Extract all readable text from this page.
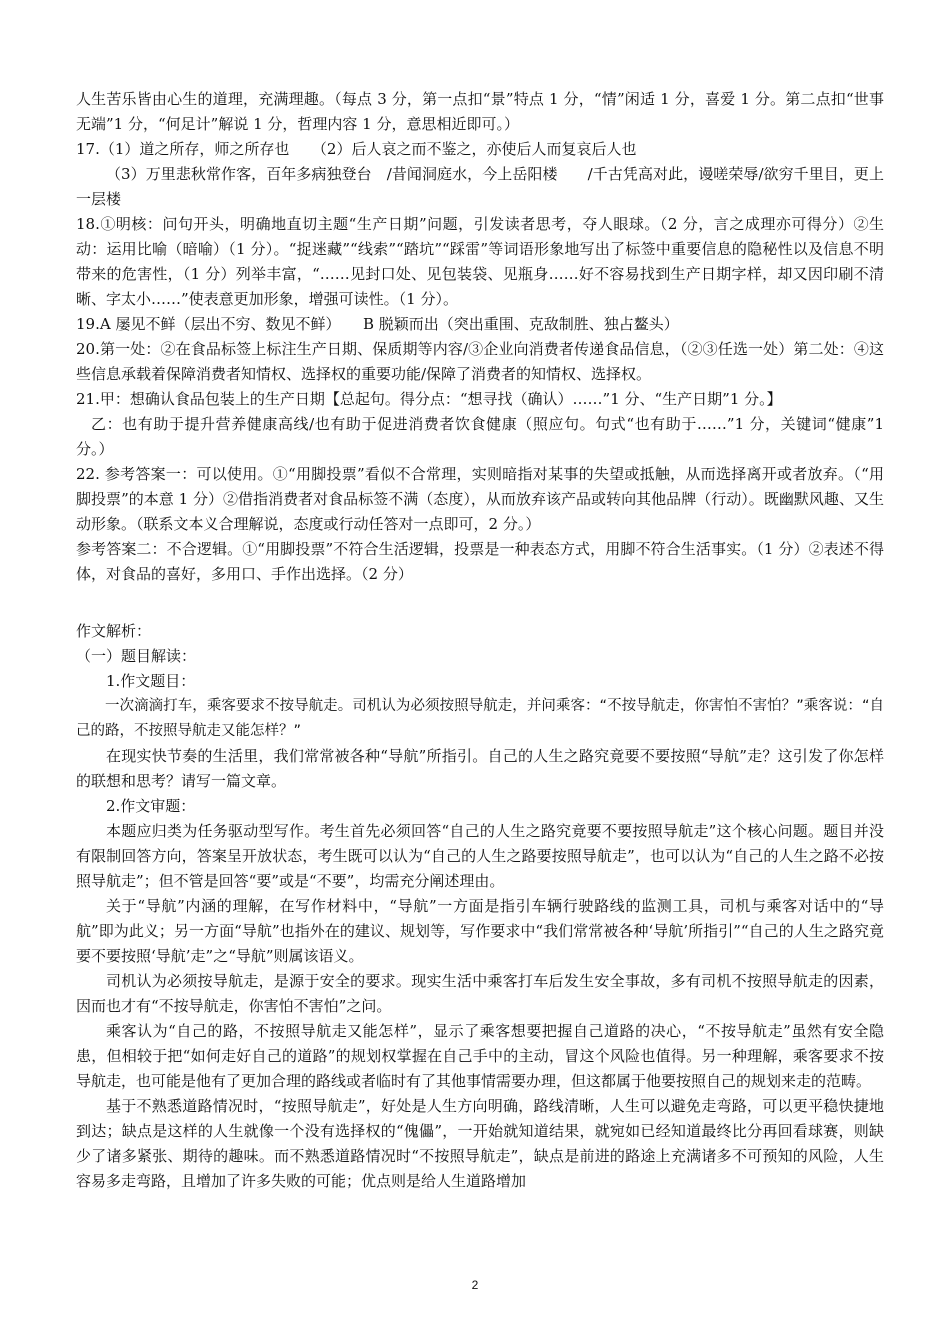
人生苦乐皆由心生的道理，充满理趣。（每点 3 分，第一点扣“景”特点 1 分，“情”闲适 1 分，喜爱 1 分。第二点扣“世事无端”1 分，“何足计”解说 1 分，哲理内容 1 分，意思相近即可。）

17.（1）道之所存，师之所存也　　（2）后人哀之而不鉴之，亦使后人而复哀后人也

（3）万里悲秋常作客，百年多病独登台　/昔闻洞庭水，今上岳阳楼　　/千古凭高对此，谩嗟荣辱/欲穷千里目，更上一层楼

18.①明核：问句开头，明确地直切主题“生产日期”问题，引发读者思考，夺人眼球。（2 分，言之成理亦可得分）②生动：运用比喻（暗喻）（1 分）。“捉迷藏”“线索”“踏坑”“踩雷”等词语形象地写出了标签中重要信息的隐秘性以及信息不明带来的危害性，（1 分）列举丰富，“……见封口处、见包装袋、见瓶身……好不容易找到生产日期字样，却又因印刷不清晰、字太小……”使表意更加形象，增强可读性。（1 分）。

19.A 屡见不鲜（层出不穷、数见不鲜）　　B 脱颖而出（突出重围、克敌制胜、独占鳌头）

20.第一处：②在食品标签上标注生产日期、保质期等内容/③企业向消费者传递食品信息，（②③任选一处）第二处：④这些信息承载着保障消费者知情权、选择权的重要功能/保障了消费者的知情权、选择权。

21.甲：想确认食品包装上的生产日期【总起句。得分点：“想寻找（确认）……”1 分、“生产日期”1 分。】

乙：也有助于提升营养健康高线/也有助于促进消费者饮食健康（照应句。句式“也有助于……”1 分，关键词“健康”1 分。）

22. 参考答案一：可以使用。①“用脚投票”看似不合常理，实则暗指对某事的失望或抵触，从而选择离开或者放弃。（“用脚投票”的本意 1 分）②借指消费者对食品标签不满（态度），从而放弃该产品或转向其他品牌（行动）。既幽默风趣、又生动形象。（联系文本义合理解说，态度或行动任答对一点即可，2 分。）

参考答案二：不合逻辑。①“用脚投票”不符合生活逻辑，投票是一种表态方式，用脚不符合生活事实。（1 分）②表述不得体，对食品的喜好，多用口、手作出选择。（2 分）

作文解析：

（一）题目解读：

1.作文题目：

一次滴滴打车，乘客要求不按导航走。司机认为必须按照导航走，并问乘客：“不按导航走，你害怕不害怕？”乘客说：“自己的路，不按照导航走又能怎样？”

在现实快节奏的生活里，我们常常被各种“导航”所指引。自己的人生之路究竟要不要按照“导航”走？这引发了你怎样的联想和思考？请写一篇文章。

2.作文审题：

本题应归类为任务驱动型写作。考生首先必须回答“自己的人生之路究竟要不要按照导航走”这个核心问题。题目并没有限制回答方向，答案呈开放状态，考生既可以认为“自己的人生之路要按照导航走”，也可以认为“自己的人生之路不必按照导航走”；但不管是回答“要”或是“不要”，均需充分阐述理由。

关于“导航”内涵的理解，在写作材料中，“导航”一方面是指引车辆行驶路线的监测工具，司机与乘客对话中的“导航”即为此义；另一方面“导航”也指外在的建议、规划等，写作要求中“我们常常被各种‘导航’所指引”“自己的人生之路究竟要不要按照‘导航’走”之“导航”则属该语义。

司机认为必须按导航走，是源于安全的要求。现实生活中乘客打车后发生安全事故，多有司机不按照导航走的因素，因而也才有“不按导航走，你害怕不害怕”之问。

乘客认为“自己的路，不按照导航走又能怎样”，显示了乘客想要把握自己道路的决心，“不按导航走”虽然有安全隐患，但相较于把“如何走好自己的道路”的规划权掌握在自己手中的主动，冒这个风险也值得。另一种理解，乘客要求不按导航走，也可能是他有了更加合理的路线或者临时有了其他事情需要办理，但这都属于他要按照自己的规划来走的范畴。

基于不熟悉道路情况时，“按照导航走”，好处是人生方向明确，路线清晰，人生可以避免走弯路，可以更平稳快捷地到达；缺点是这样的人生就像一个没有选择权的“傀儡”，一开始就知道结果，就宛如已经知道最终比分再回看球赛，则缺少了诸多紧张、期待的趣味。而不熟悉道路情况时“不按照导航走”，缺点是前进的路途上充满诸多不可预知的风险，人生容易多走弯路，且增加了许多失败的可能；优点则是给人生道路增加

2
